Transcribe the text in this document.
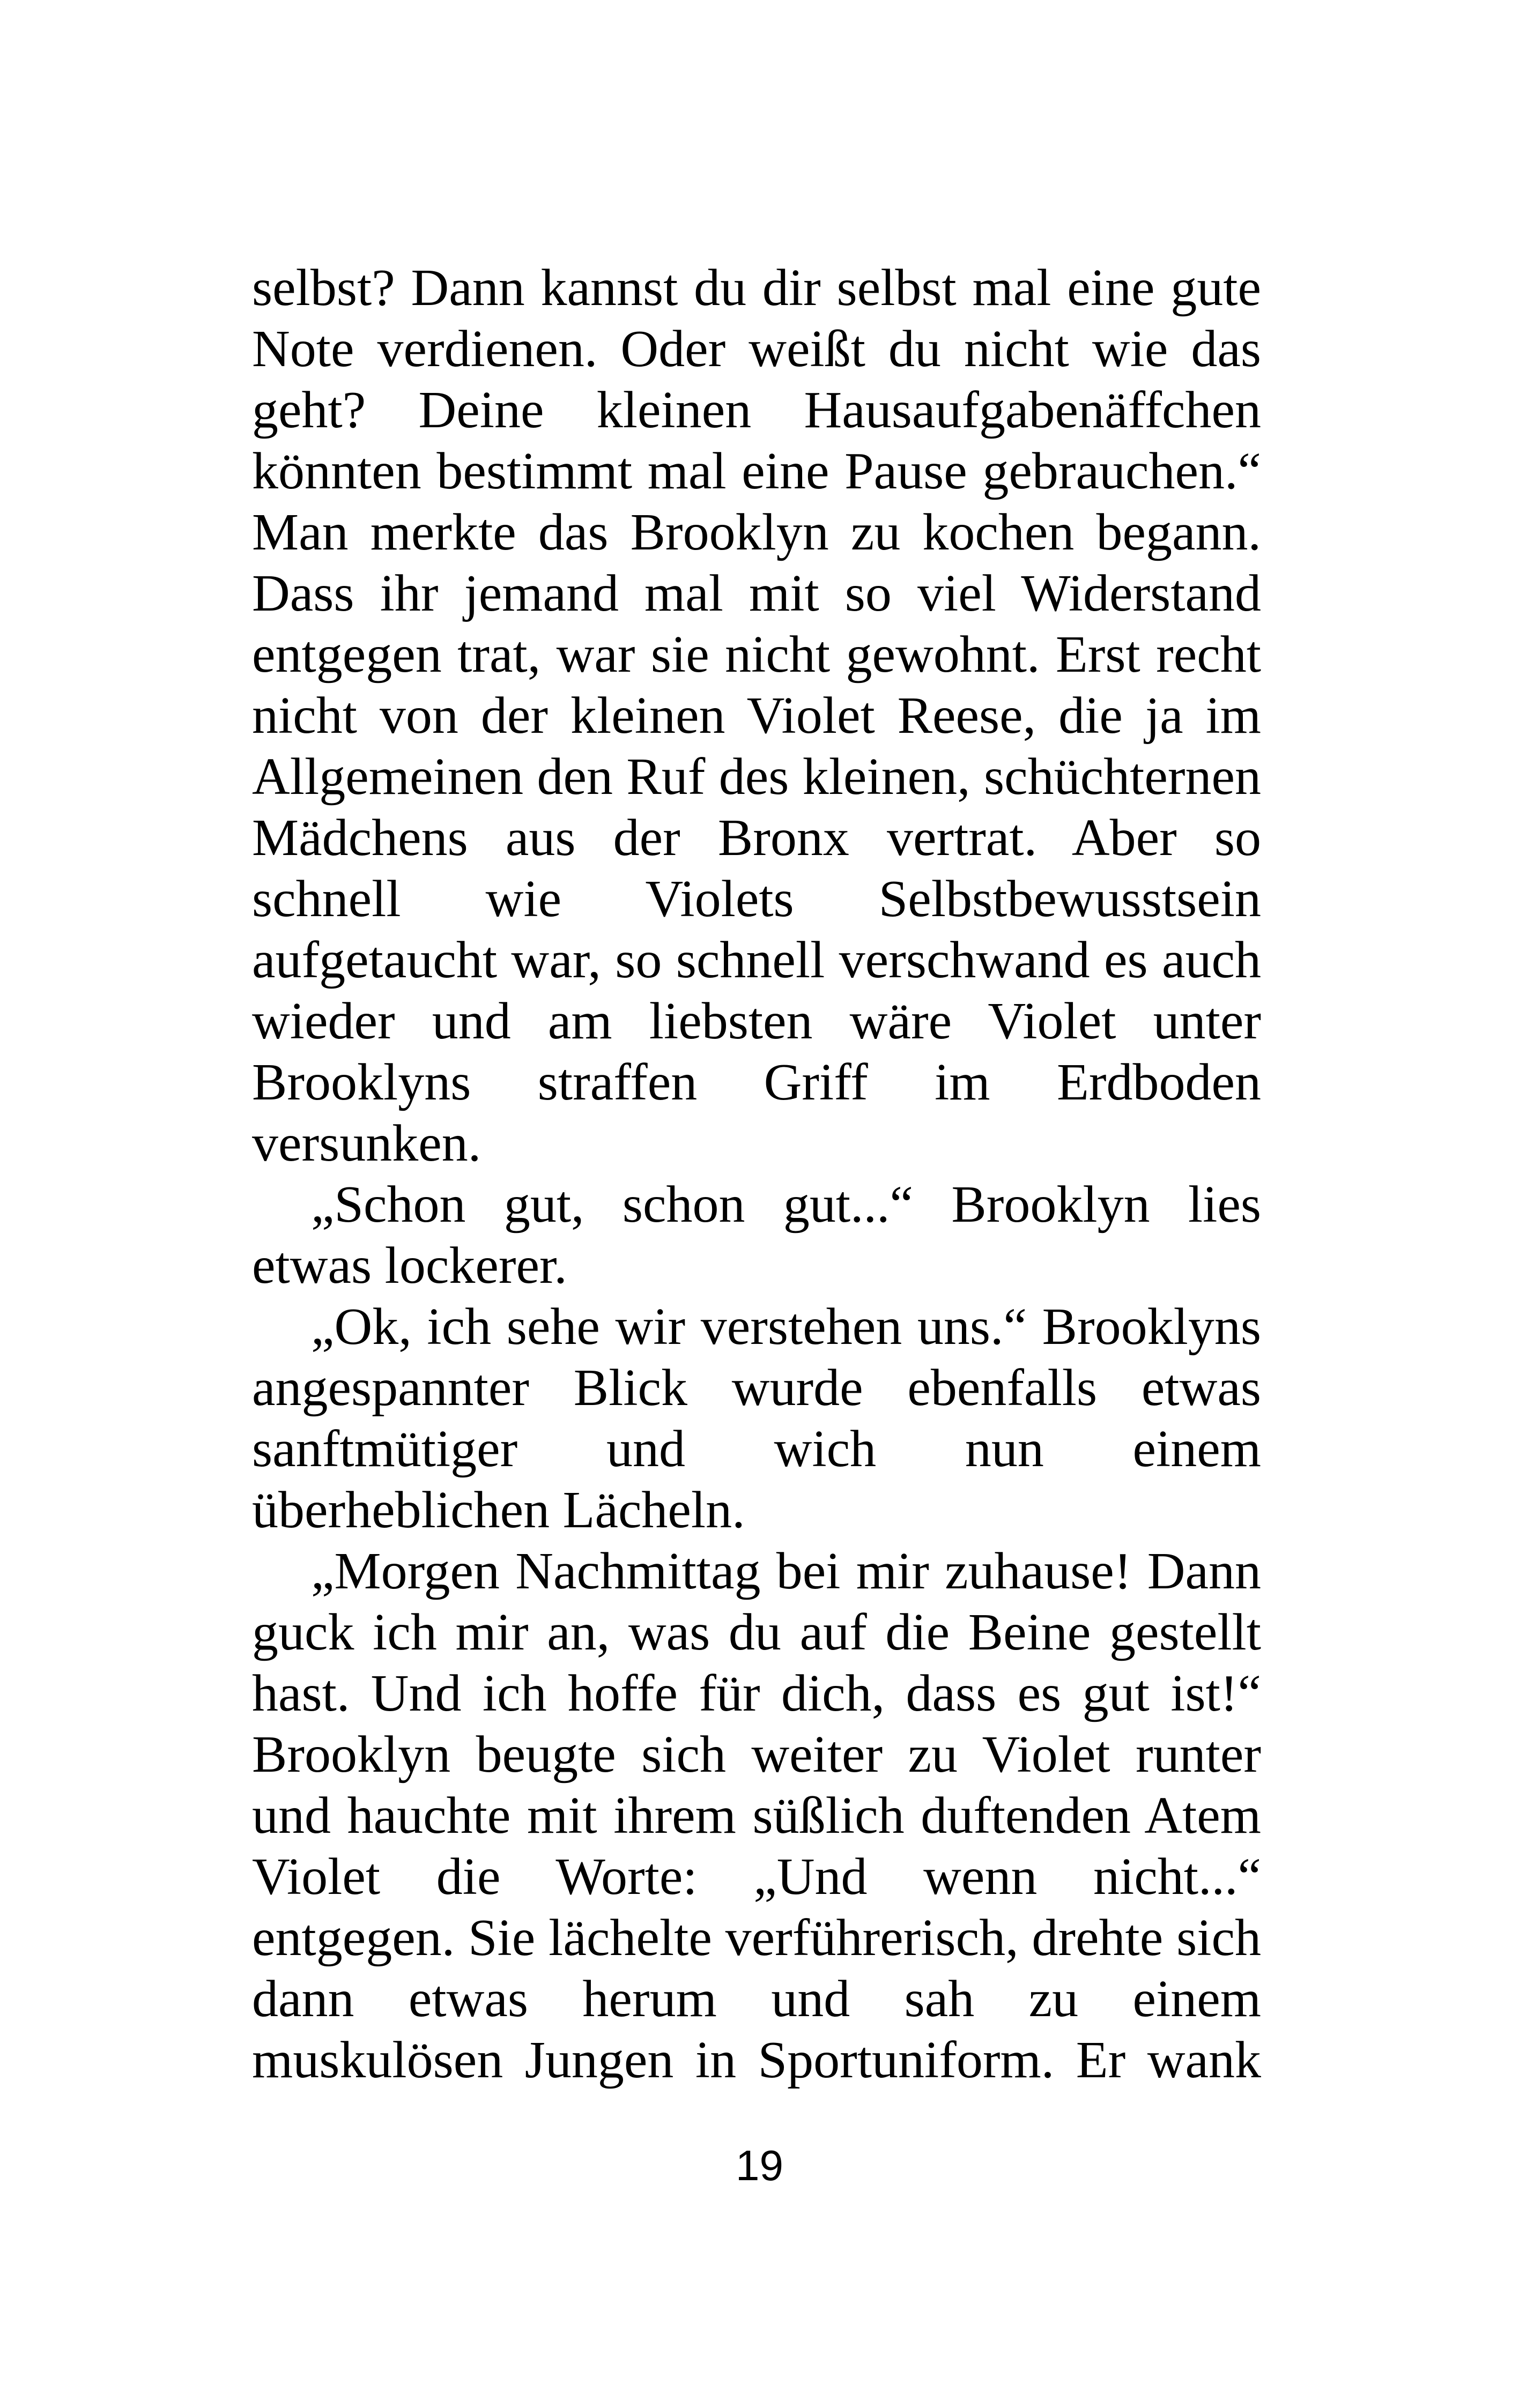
selbst? Dann kannst du dir selbst mal eine gute
Note verdienen. Oder weißt du nicht wie das
geht? Deine kleinen Hausaufgabenäffchen
könnten bestimmt mal eine Pause gebrauchen.“
Man merkte das Brooklyn zu kochen begann.
Dass ihr jemand mal mit so viel Widerstand
entgegen trat, war sie nicht gewohnt. Erst recht
nicht von der kleinen Violet Reese, die ja im
Allgemeinen den Ruf des kleinen, schüchternen
Mädchens aus der Bronx vertrat. Aber so
schnell wie Violets Selbstbewusstsein
aufgetaucht war, so schnell verschwand es auch
wieder und am liebsten wäre Violet unter
Brooklyns straffen Griff im Erdboden
versunken.
„Schon gut, schon gut...“ Brooklyn lies
etwas lockerer.
„Ok, ich sehe wir verstehen uns.“ Brooklyns
angespannter Blick wurde ebenfalls etwas
sanftmütiger und wich nun einem
überheblichen Lächeln.
„Morgen Nachmittag bei mir zuhause! Dann
guck ich mir an, was du auf die Beine gestellt
hast. Und ich hoffe für dich, dass es gut ist!“
Brooklyn beugte sich weiter zu Violet runter
und hauchte mit ihrem süßlich duftenden Atem
Violet die Worte: „Und wenn nicht...“
entgegen. Sie lächelte verführerisch, drehte sich
dann etwas herum und sah zu einem
muskulösen Jungen in Sportuniform. Er wank
19
